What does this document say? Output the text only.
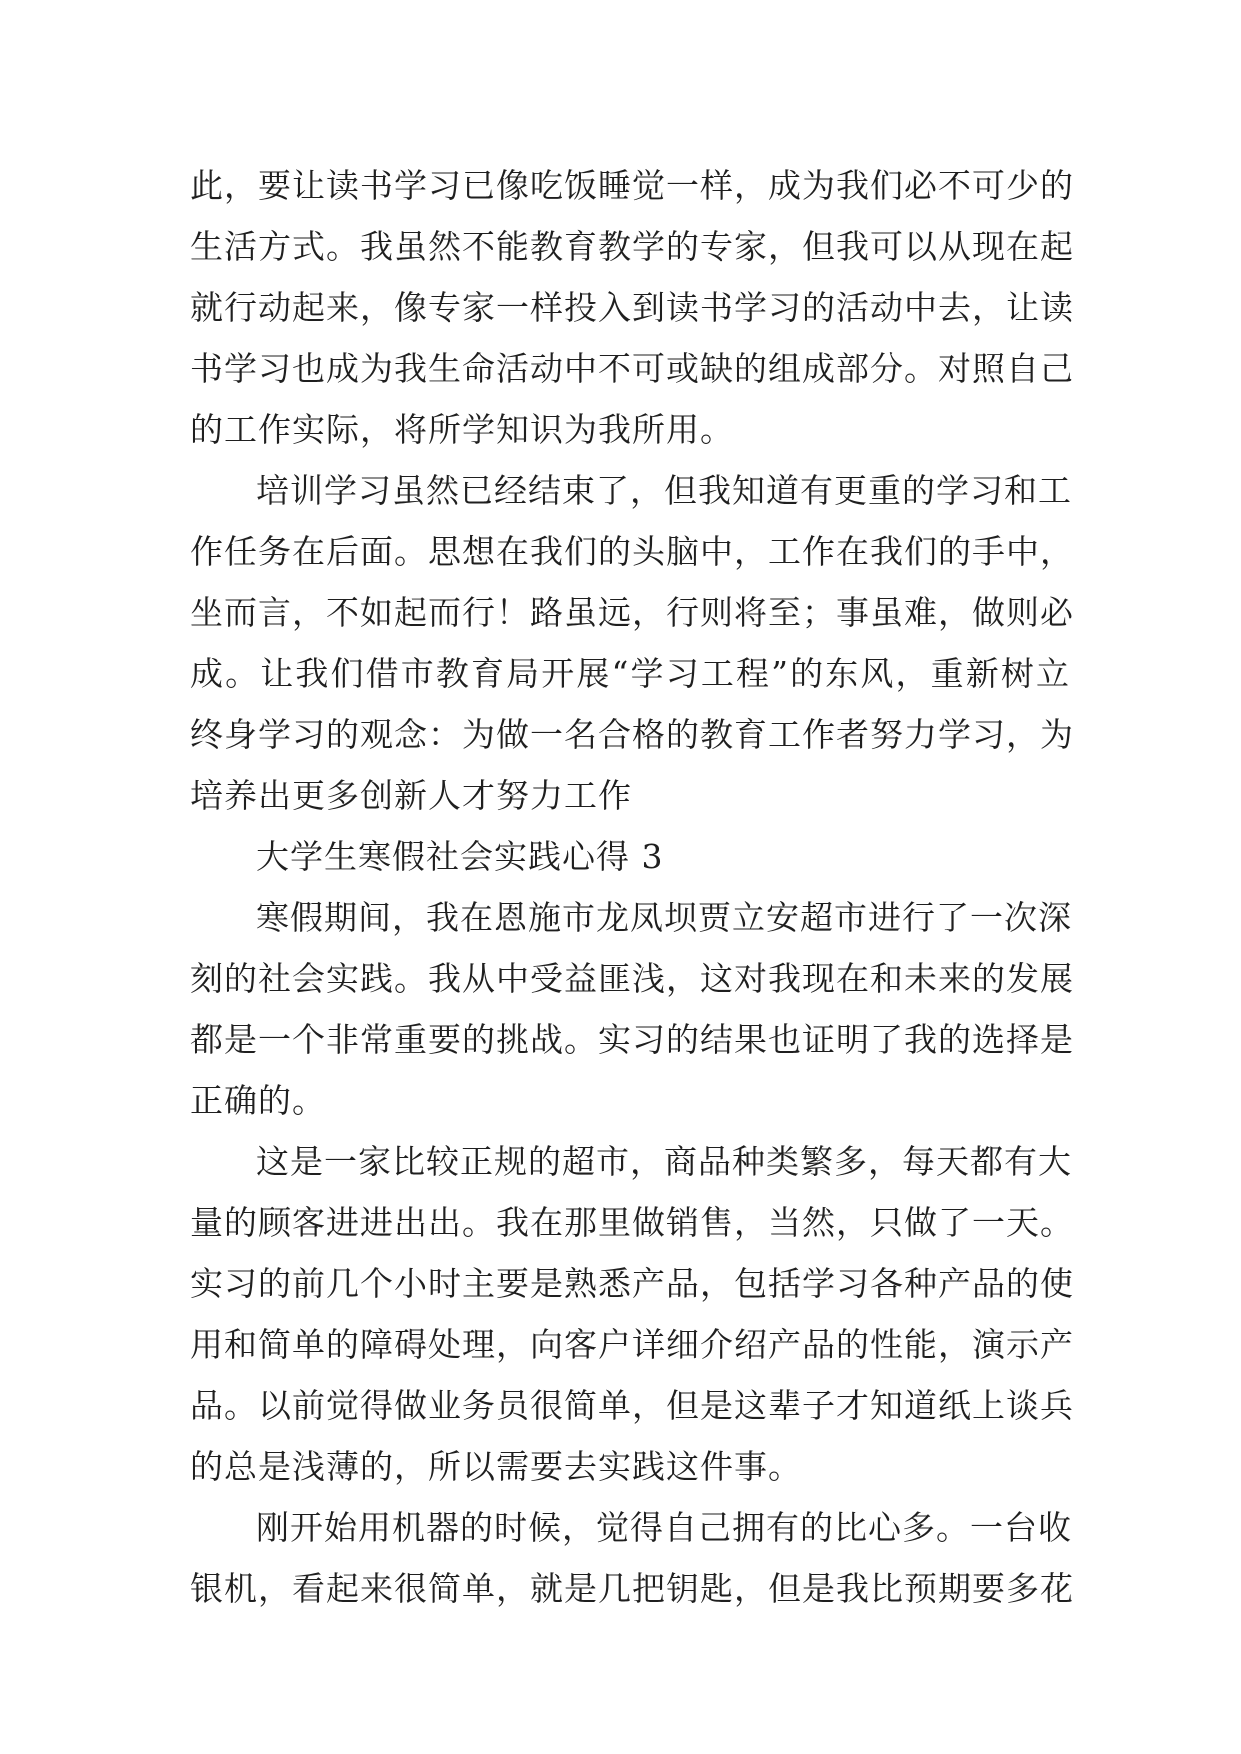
此，要让读书学习已像吃饭睡觉一样，成为我们必不可少的
生活方式。我虽然不能教育教学的专家，但我可以从现在起
就行动起来，像专家一样投入到读书学习的活动中去，让读
书学习也成为我生命活动中不可或缺的组成部分。对照自己
的工作实际，将所学知识为我所用。
培训学习虽然已经结束了，但我知道有更重的学习和工
作任务在后面。思想在我们的头脑中，工作在我们的手中，
坐而言，不如起而行！路虽远，行则将至；事虽难，做则必
成。让我们借市教育局开展“学习工程”的东风，重新树立
终身学习的观念：为做一名合格的教育工作者努力学习，为
培养出更多创新人才努力工作
大学生寒假社会实践心得 3
寒假期间，我在恩施市龙凤坝贾立安超市进行了一次深
刻的社会实践。我从中受益匪浅，这对我现在和未来的发展
都是一个非常重要的挑战。实习的结果也证明了我的选择是
正确的。
这是一家比较正规的超市，商品种类繁多，每天都有大
量的顾客进进出出。我在那里做销售，当然，只做了一天。
实习的前几个小时主要是熟悉产品，包括学习各种产品的使
用和简单的障碍处理，向客户详细介绍产品的性能，演示产
品。以前觉得做业务员很简单，但是这辈子才知道纸上谈兵
的总是浅薄的，所以需要去实践这件事。
刚开始用机器的时候，觉得自己拥有的比心多。一台收
银机，看起来很简单，就是几把钥匙，但是我比预期要多花
